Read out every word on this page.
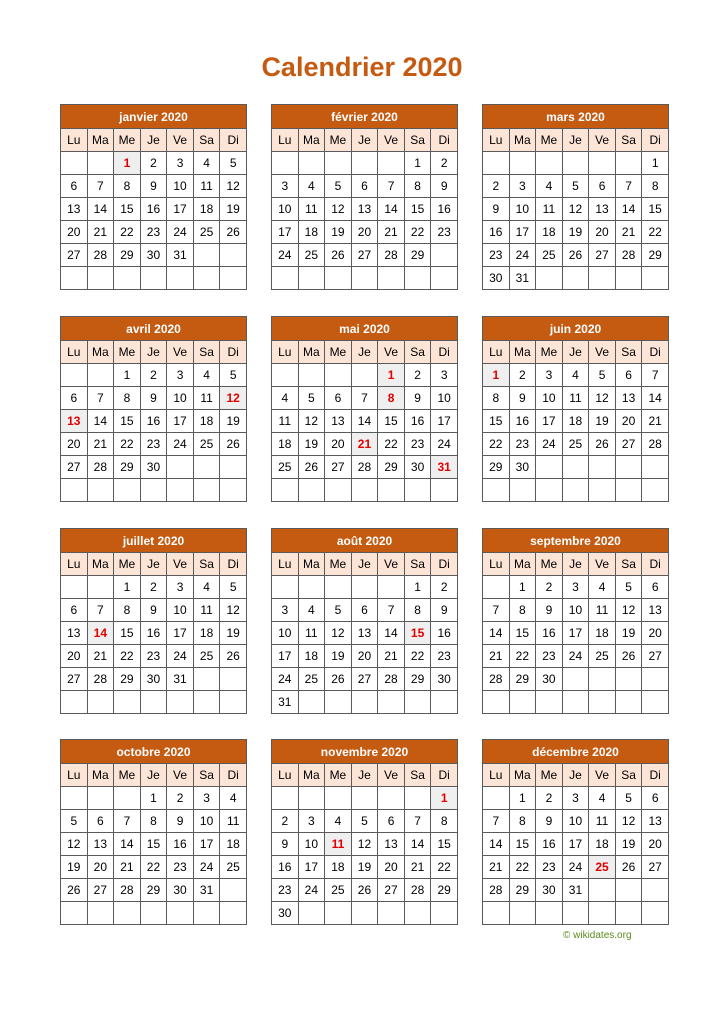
Calendrier 2020
janvier 2020						
Lu	Ma	Me	Je	Ve	Sa	Di
		1	2	3	4	5
6	7	8	9	10	11	12
13	14	15	16	17	18	19
20	21	22	23	24	25	26
27	28	29	30	31		

février 2020						
Lu	Ma	Me	Je	Ve	Sa	Di
					1	2
3	4	5	6	7	8	9
10	11	12	13	14	15	16
17	18	19	20	21	22	23
24	25	26	27	28	29	

mars 2020						
Lu	Ma	Me	Je	Ve	Sa	Di
						1
2	3	4	5	6	7	8
9	10	11	12	13	14	15
16	17	18	19	20	21	22
23	24	25	26	27	28	29
30	31					
avril 2020						
Lu	Ma	Me	Je	Ve	Sa	Di
		1	2	3	4	5
6	7	8	9	10	11	12
13	14	15	16	17	18	19
20	21	22	23	24	25	26
27	28	29	30			

mai 2020						
Lu	Ma	Me	Je	Ve	Sa	Di
				1	2	3
4	5	6	7	8	9	10
11	12	13	14	15	16	17
18	19	20	21	22	23	24
25	26	27	28	29	30	31

juin 2020						
Lu	Ma	Me	Je	Ve	Sa	Di
1	2	3	4	5	6	7
8	9	10	11	12	13	14
15	16	17	18	19	20	21
22	23	24	25	26	27	28
29	30					

juillet 2020						
Lu	Ma	Me	Je	Ve	Sa	Di
		1	2	3	4	5
6	7	8	9	10	11	12
13	14	15	16	17	18	19
20	21	22	23	24	25	26
27	28	29	30	31		

août 2020						
Lu	Ma	Me	Je	Ve	Sa	Di
					1	2
3	4	5	6	7	8	9
10	11	12	13	14	15	16
17	18	19	20	21	22	23
24	25	26	27	28	29	30
31						
septembre 2020						
Lu	Ma	Me	Je	Ve	Sa	Di
	1	2	3	4	5	6
7	8	9	10	11	12	13
14	15	16	17	18	19	20
21	22	23	24	25	26	27
28	29	30				

octobre 2020						
Lu	Ma	Me	Je	Ve	Sa	Di
			1	2	3	4
5	6	7	8	9	10	11
12	13	14	15	16	17	18
19	20	21	22	23	24	25
26	27	28	29	30	31	

novembre 2020						
Lu	Ma	Me	Je	Ve	Sa	Di
						1
2	3	4	5	6	7	8
9	10	11	12	13	14	15
16	17	18	19	20	21	22
23	24	25	26	27	28	29
30						
décembre 2020						
Lu	Ma	Me	Je	Ve	Sa	Di
	1	2	3	4	5	6
7	8	9	10	11	12	13
14	15	16	17	18	19	20
21	22	23	24	25	26	27
28	29	30	31			

© wikidates.org
